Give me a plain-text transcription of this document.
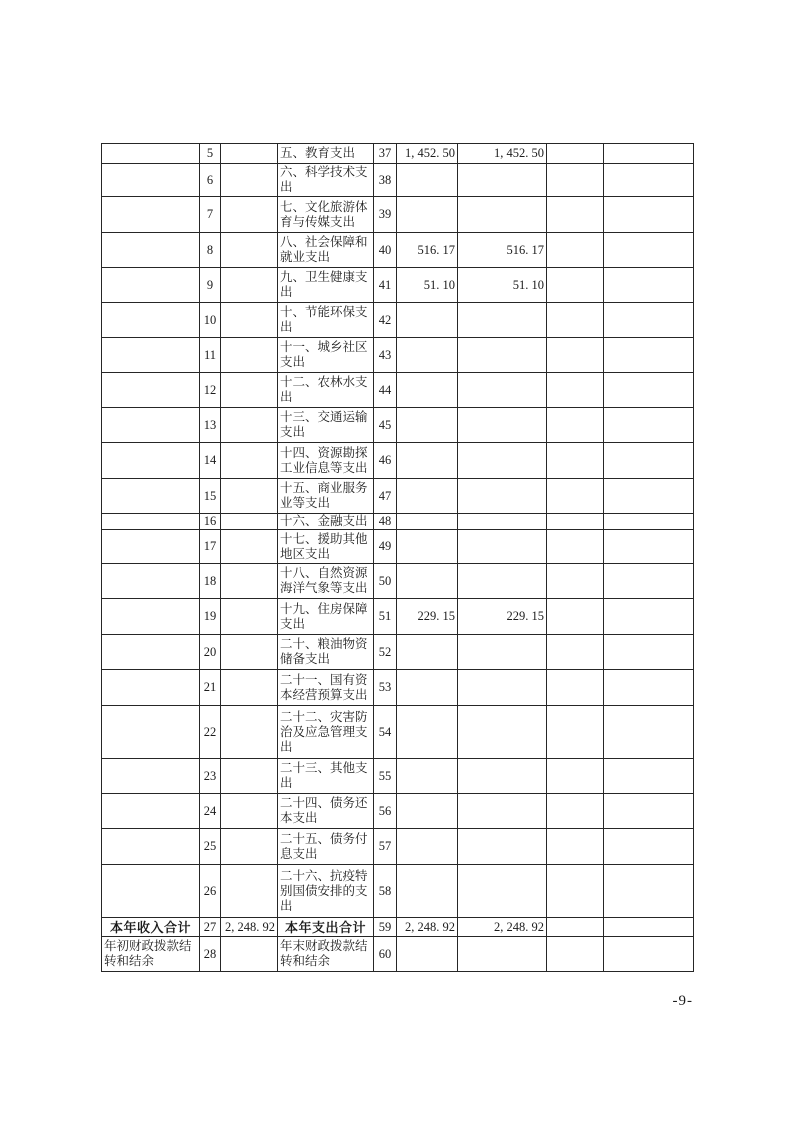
	5		五、教育支出	37	1, 452. 50	1, 452. 50		
	6		六、科学技术支出	38				
	7		七、文化旅游体育与传媒支出	39				
	8		八、社会保障和就业支出	40	516. 17	516. 17		
	9		九、卫生健康支出	41	51. 10	51. 10		
	10		十、节能环保支出	42				
	11		十一、城乡社区支出	43				
	12		十二、农林水支出	44				
	13		十三、交通运输支出	45				
	14		十四、资源勘探工业信息等支出	46				
	15		十五、商业服务业等支出	47				
	16		十六、金融支出	48				
	17		十七、援助其他地区支出	49				
	18		十八、自然资源海洋气象等支出	50				
	19		十九、住房保障支出	51	229. 15	229. 15		
	20		二十、粮油物资储备支出	52				
	21		二十一、国有资本经营预算支出	53				
	22		二十二、灾害防治及应急管理支出	54				
	23		二十三、其他支出	55				
	24		二十四、债务还本支出	56				
	25		二十五、债务付息支出	57				
	26		二十六、抗疫特别国债安排的支出	58				
本年收入合计	27	2, 248. 92	本年支出合计	59	2, 248. 92	2, 248. 92		
年初财政拨款结转和结余	28		年末财政拨款结转和结余	60				
-9-
